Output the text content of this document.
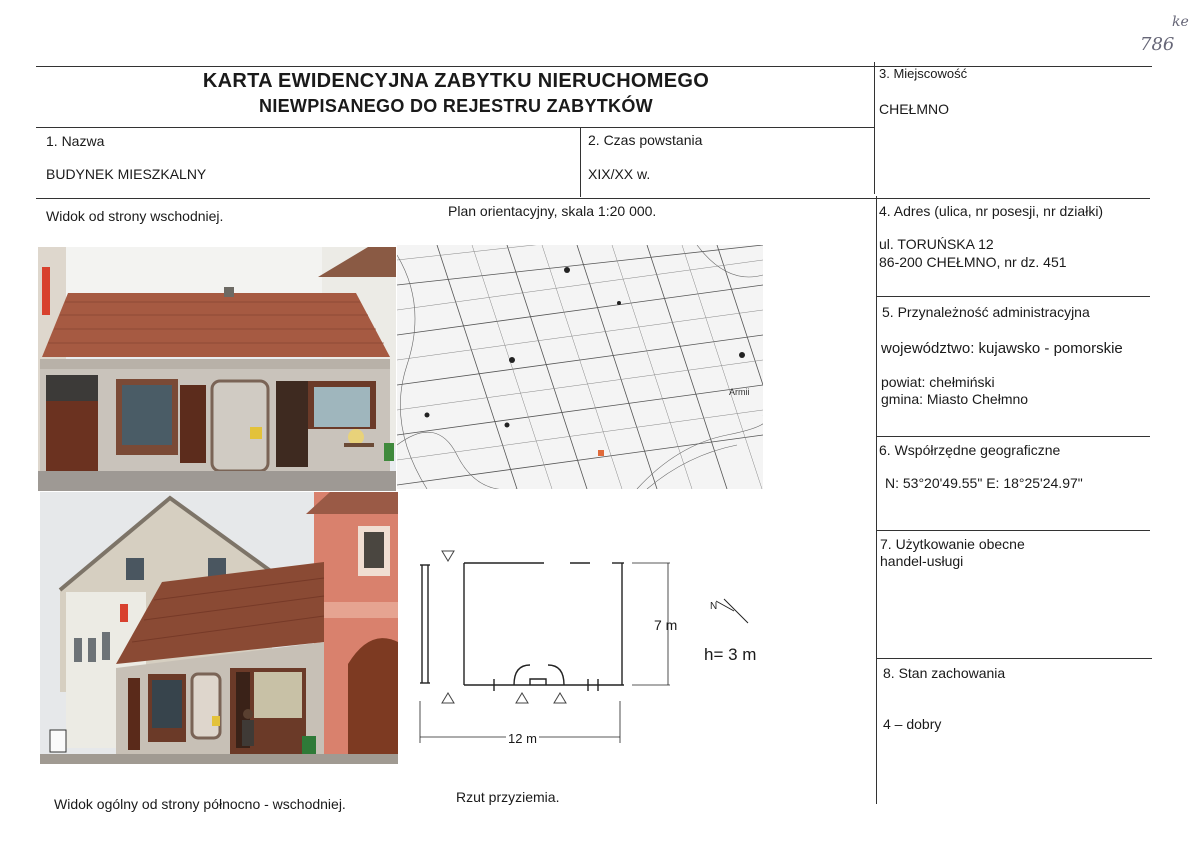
786
ke
KARTA EWIDENCYJNA ZABYTKU NIERUCHOMEGO
NIEWPISANEGO DO REJESTRU ZABYTKÓW
1. Nazwa
BUDYNEK MIESZKALNY
2. Czas powstania
XIX/XX w.
3. Miejscowość
CHEŁMNO
4. Adres (ulica, nr posesji, nr działki)
ul. TORUŃSKA 12
86-200 CHEŁMNO, nr dz. 451
5. Przynależność administracyjna
województwo: kujawsko - pomorskie
powiat: chełmiński
gmina: Miasto Chełmno
6. Współrzędne geograficzne
N: 53°20'49.55" E: 18°25'24.97"
7. Użytkowanie obecne
handel-usługi
8. Stan zachowania
4 – dobry
Widok od strony wschodniej.	Plan orientacyjny, skala 1:20 000.
Widok ogólny od strony północno - wschodniej.	Rzut przyziemia.
Armii
N
7 m
12 m
h= 3 m
